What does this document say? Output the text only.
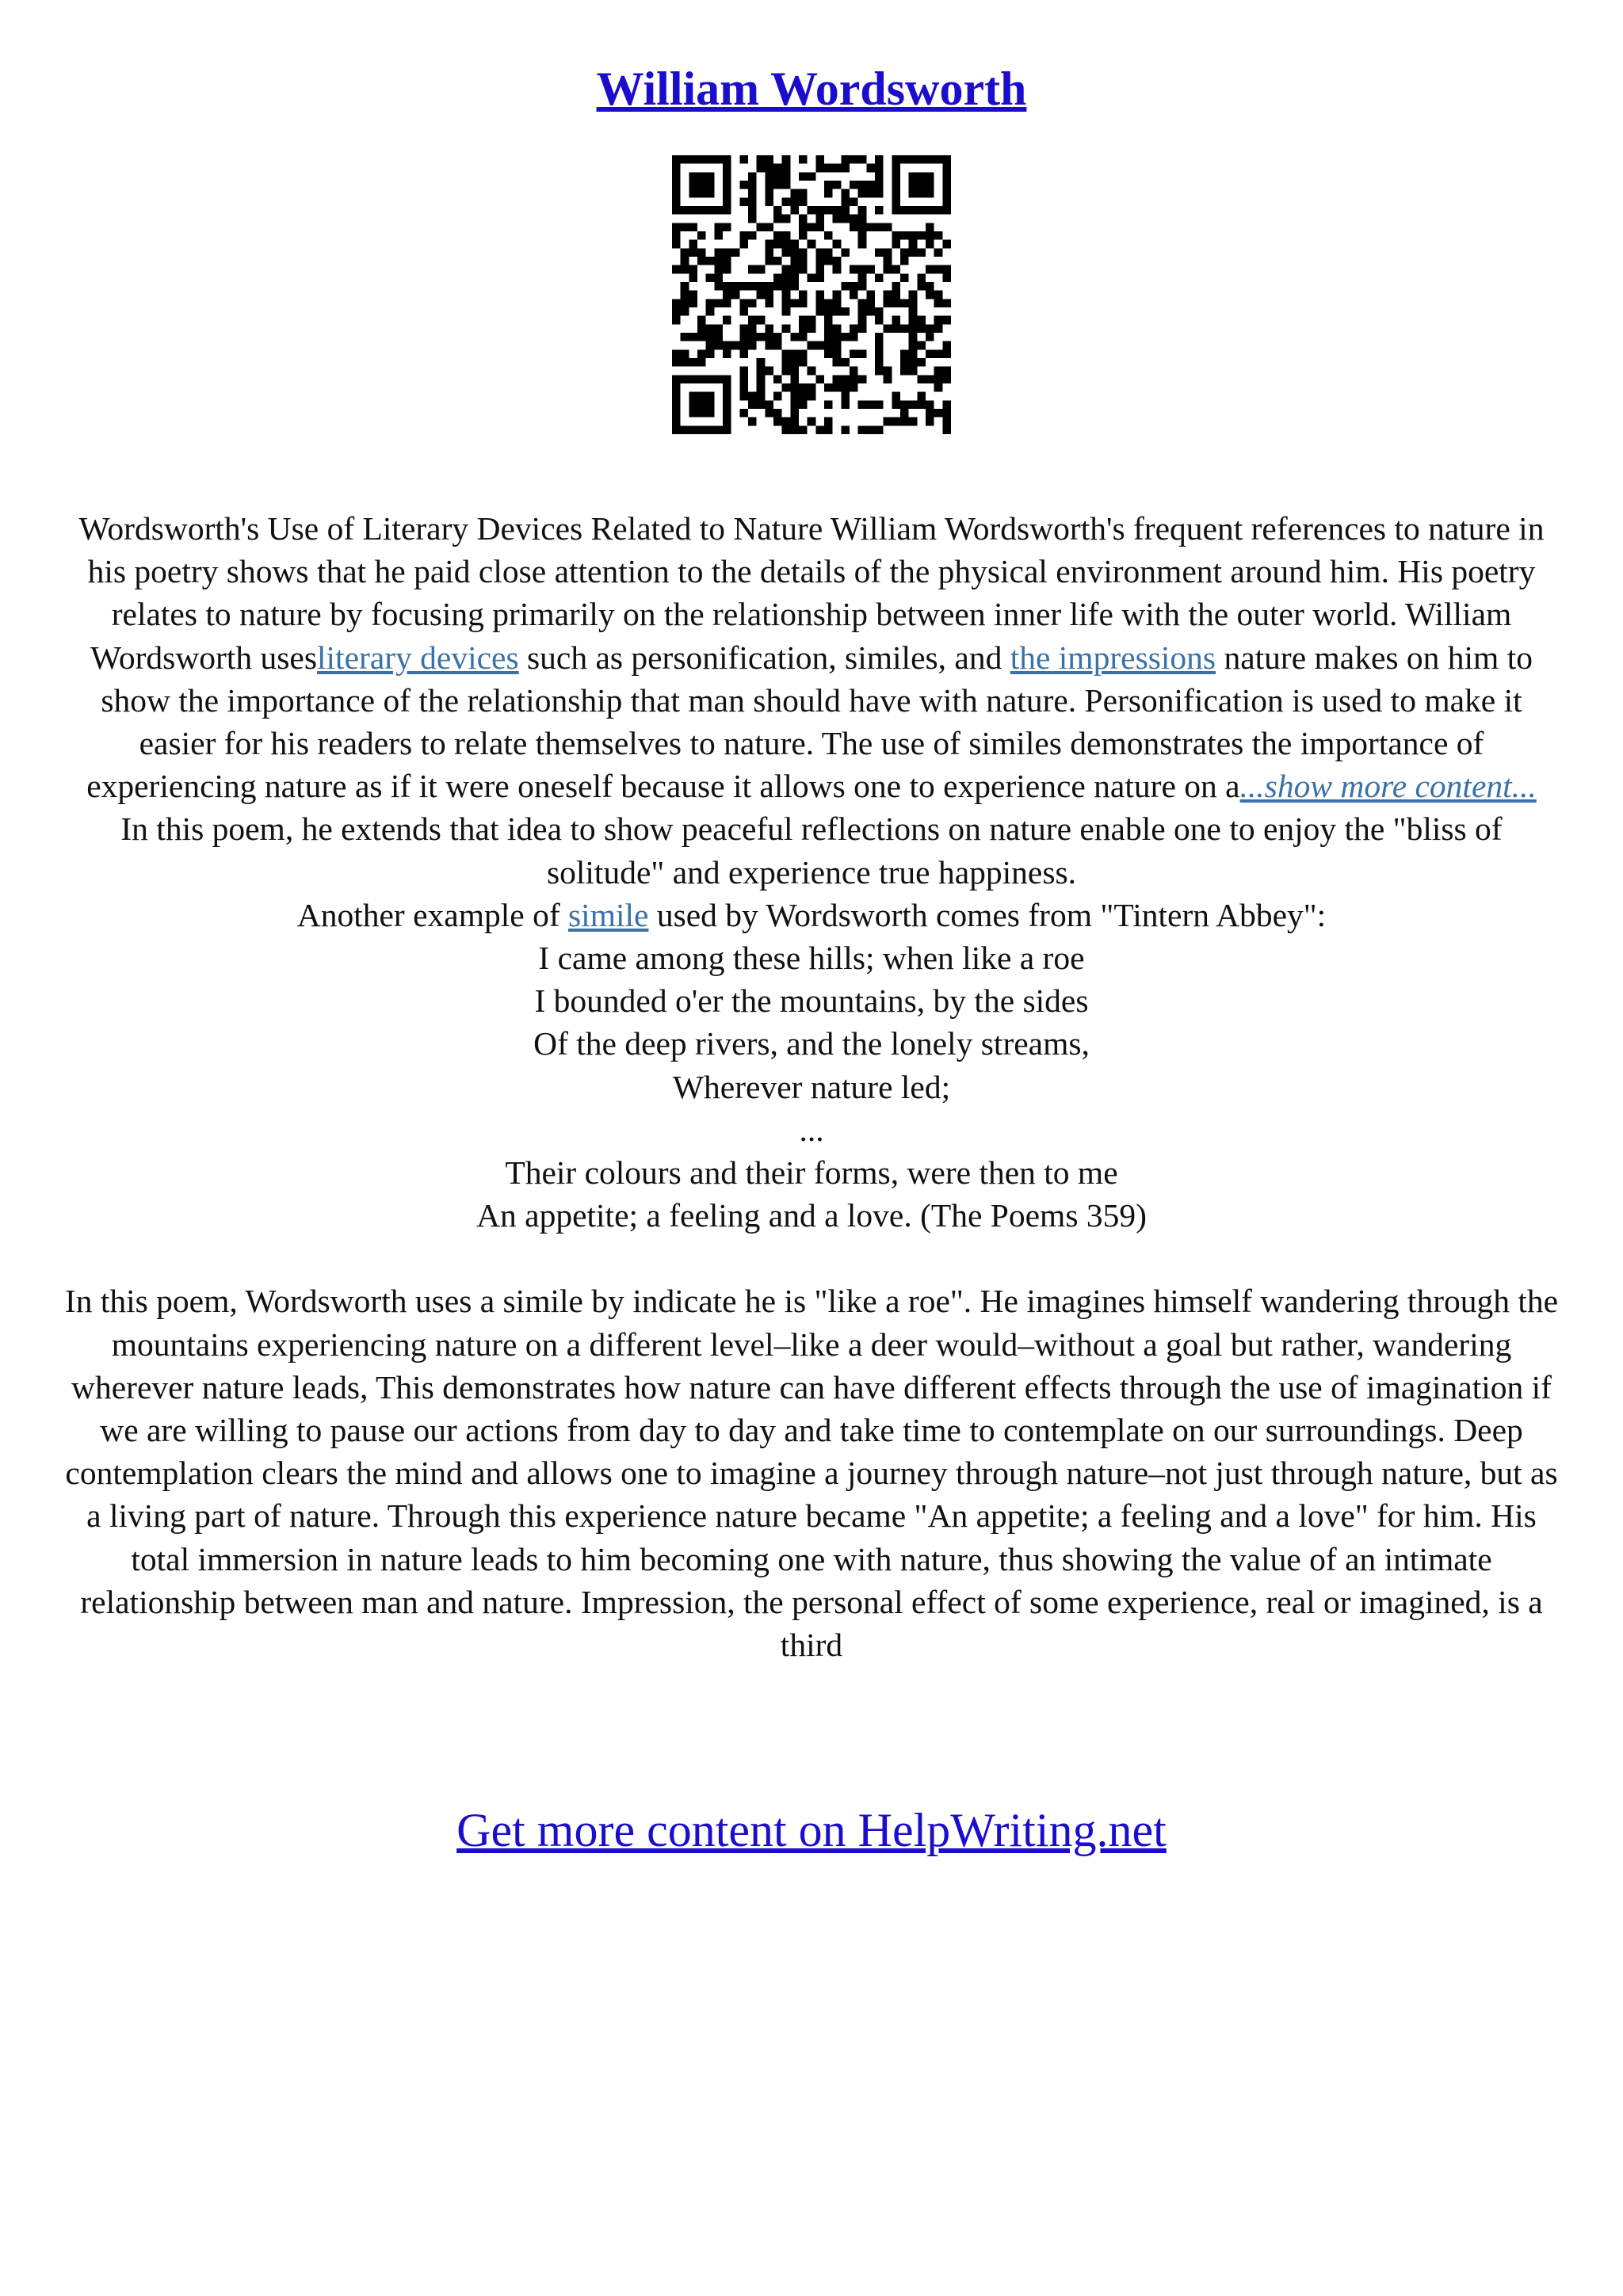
William Wordsworth

Wordsworth's Use of Literary Devices Related to Nature William Wordsworth's frequent references to nature in his poetry shows that he paid close attention to the details of the physical environment around him. His poetry relates to nature by focusing primarily on the relationship between inner life with the outer world. William Wordsworth usesliterary devices such as personification, similes, and the impressions nature makes on him to show the importance of the relationship that man should have with nature. Personification is used to make it easier for his readers to relate themselves to nature. The use of similes demonstrates the importance of experiencing nature as if it were oneself because it allows one to experience nature on a...show more content...

In this poem, he extends that idea to show peaceful reflections on nature enable one to enjoy the "bliss of solitude" and experience true happiness.

Another example of simile used by Wordsworth comes from "Tintern Abbey":

I came among these hills; when like a roe

I bounded o'er the mountains, by the sides

Of the deep rivers, and the lonely streams,

Wherever nature led;

...

Their colours and their forms, were then to me

An appetite; a feeling and a love. (The Poems 359)

In this poem, Wordsworth uses a simile by indicate he is "like a roe". He imagines himself wandering through the mountains experiencing nature on a different level–like a deer would–without a goal but rather, wandering wherever nature leads, This demonstrates how nature can have different effects through the use of imagination if we are willing to pause our actions from day to day and take time to contemplate on our surroundings. Deep contemplation clears the mind and allows one to imagine a journey through nature–not just through nature, but as a living part of nature. Through this experience nature became "An appetite; a feeling and a love" for him. His total immersion in nature leads to him becoming one with nature, thus showing the value of an intimate relationship between man and nature. Impression, the personal effect of some experience, real or imagined, is a third

Get more content on HelpWriting.net
